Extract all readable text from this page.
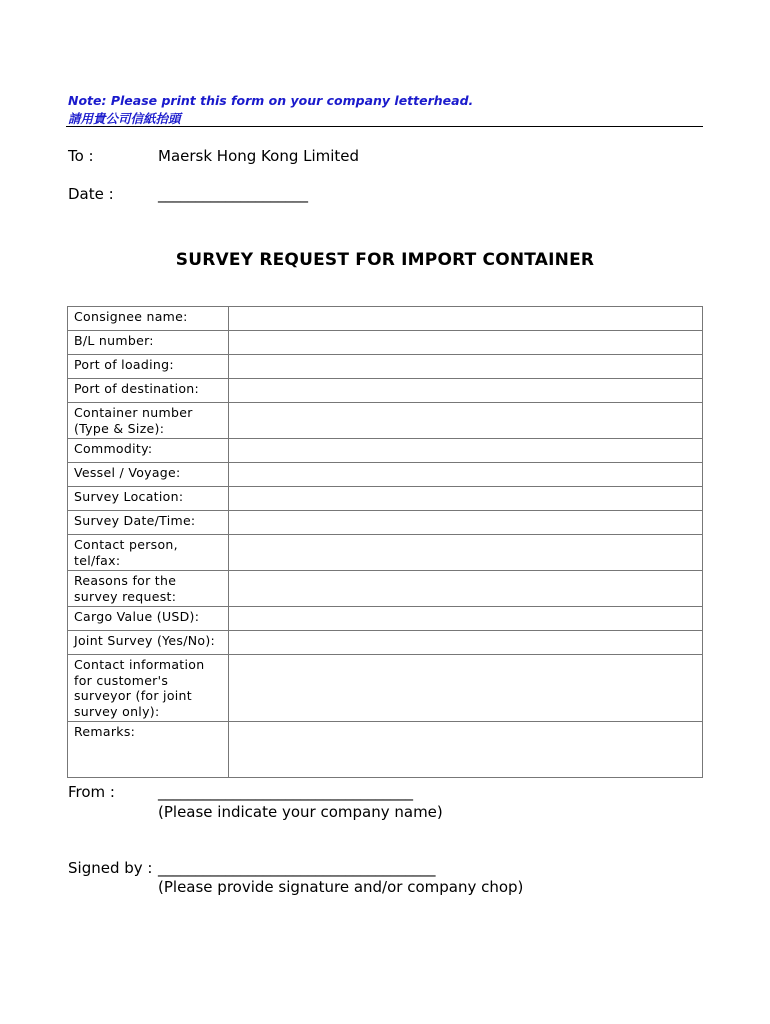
Note: Please print this form on your company letterhead.
請用貴公司信紙抬頭
To :	Maersk Hong Kong Limited
Date :	____________________
SURVEY REQUEST FOR IMPORT CONTAINER
Consignee name:	
B/L number:	
Port of loading:	
Port of destination:	
Container number (Type & Size):	
Commodity:	
Vessel / Voyage:	
Survey Location:	
Survey Date/Time:	
Contact person, tel/fax:	
Reasons for the survey request:	
Cargo Value (USD):	
Joint Survey (Yes/No):	
Contact information for customer's surveyor (for joint survey only):	
Remarks:	
From :	__________________________________
(Please indicate your company name)
Signed by : _____________________________________
(Please provide signature and/or company chop)
